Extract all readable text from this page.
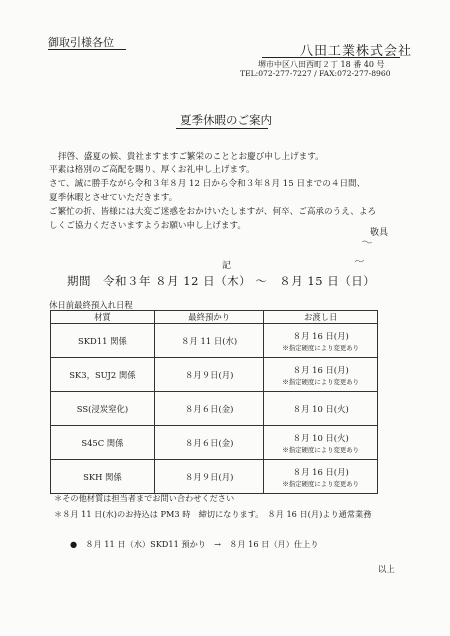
御取引様各位
八田工業株式会社
堺市中区八田西町２丁 18 番 40 号
TEL:072-277-7227 / FAX:072-277-8960
夏季休暇のご案内
拝啓、盛夏の候、貴社ますますご繁栄のこととお慶び申し上げます。
平素は格別のご高配を賜り、厚くお礼申し上げます。
さて、誠に勝手ながら令和３年８月 12 日から令和３年８月 15 日までの４日間、
夏季休暇とさせていただきます。
ご繁忙の折、皆様には大変ご迷惑をおかけいたしますが、何卒、ご高承のうえ、よろ
しくご協力くださいますようお願い申し上げます。
敬具
記
期間　令和３年 ８月 12 日（木） ～　８月 15 日（日）
休日前最終預入れ日程
材質	最終預かり	お渡し日
SKD11 関係	８月 11 日(水)	８月 16 日(月)
※指定硬度により変更あり

SK3，SUJ2 関係	８月９日(月)	８月 16 日(月)
※指定硬度により変更あり

SS(浸炭窒化)	８月６日(金)	８月 10 日(火)

S45C 関係	８月６日(金)	８月 10 日(火)
※指定硬度により変更あり

SKH 関係	８月９日(月)	８月 16 日(月)
※指定硬度により変更あり
＊その他材質は担当者までお問い合わせください
＊８月 11 日(水)のお持込は PM3 時　締切になります。　８月 16 日(月)より通常業務
●　８月 11 日（水）SKD11 預かり　→　８月 16 日（月）仕上り
以上
